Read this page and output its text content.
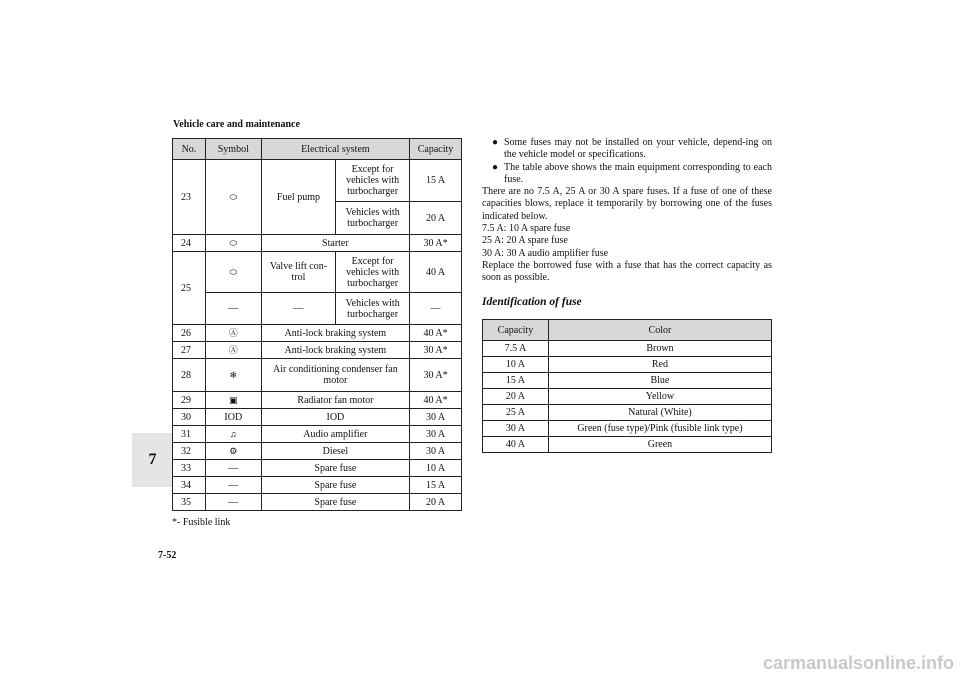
Vehicle care and maintenance
7
7-52
No.	Symbol	Electrical system		Capacity
23	⬭	Fuel pump	Except for vehicles with turbocharger	15 A
			Vehicles with turbocharger	20 A
24	⬭	Starter		30 A*
25	⬭	Valve lift con-trol	Except for vehicles with turbocharger	40 A
	—	—	Vehicles with turbocharger	—
26	Ⓐ	Anti-lock braking system		40 A*
27	Ⓐ	Anti-lock braking system		30 A*
28	❄	Air conditioning condenser fan motor		30 A*
29	▣	Radiator fan motor		40 A*
30	IOD	IOD		30 A
31	♫	Audio amplifier		30 A
32	⚙	Diesel		30 A
33	—	Spare fuse		10 A
34	—	Spare fuse		15 A
35	—	Spare fuse		20 A
*- Fusible link
● Some fuses may not be installed on your vehicle, depend-ing on the vehicle model or specifications.
● The table above shows the main equipment corresponding to each fuse.

There are no 7.5 A, 25 A or 30 A spare fuses. If a fuse of one of these capacities blows, replace it temporarily by borrowing one of the fuses indicated below.

7.5 A: 10 A spare fuse

25 A: 20 A spare fuse

30 A: 30 A audio amplifier fuse

Replace the borrowed fuse with a fuse that has the correct capacity as soon as possible.

Identification of fuse
Capacity	Color
7.5 A	Brown
10 A	Red
15 A	Blue
20 A	Yellow
25 A	Natural (White)
30 A	Green (fuse type)/Pink (fusible link type)
40 A	Green
carmanualsonline.info
